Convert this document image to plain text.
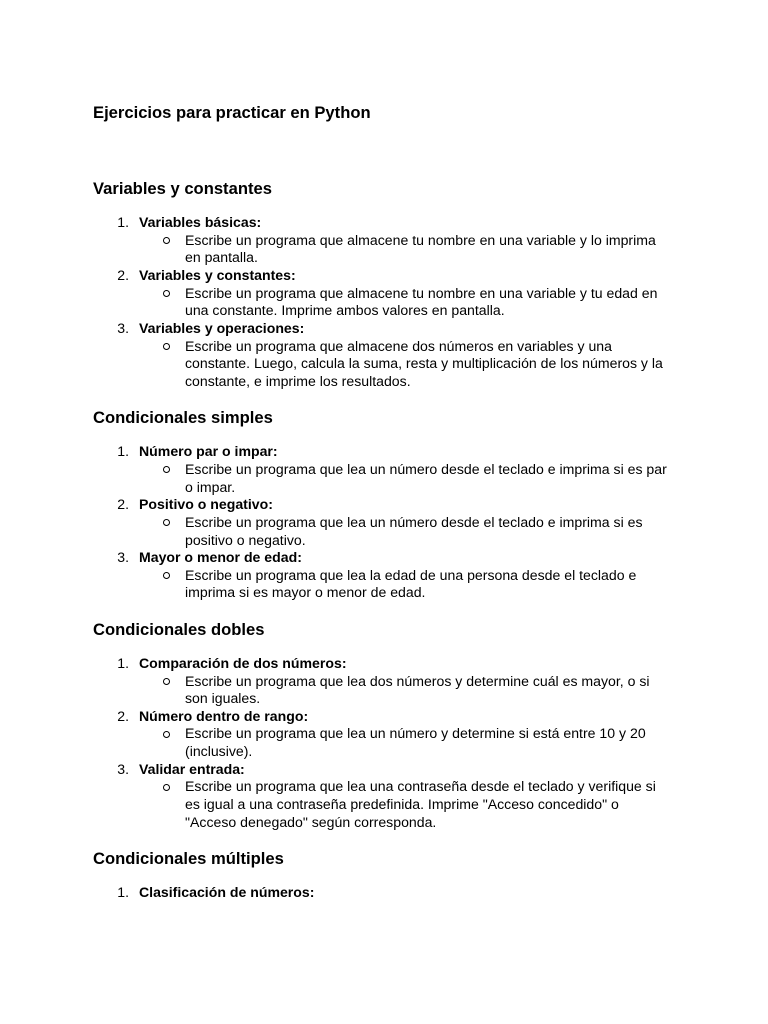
Ejercicios para practicar en Python
Variables y constantes
1. Variables básicas:
Escribe un programa que almacene tu nombre en una variable y lo imprima
en pantalla.
2. Variables y constantes:
Escribe un programa que almacene tu nombre en una variable y tu edad en
una constante. Imprime ambos valores en pantalla.
3. Variables y operaciones:
Escribe un programa que almacene dos números en variables y una
constante. Luego, calcula la suma, resta y multiplicación de los números y la
constante, e imprime los resultados.
Condicionales simples
1. Número par o impar:
Escribe un programa que lea un número desde el teclado e imprima si es par
o impar.
2. Positivo o negativo:
Escribe un programa que lea un número desde el teclado e imprima si es
positivo o negativo.
3. Mayor o menor de edad:
Escribe un programa que lea la edad de una persona desde el teclado e
imprima si es mayor o menor de edad.
Condicionales dobles
1. Comparación de dos números:
Escribe un programa que lea dos números y determine cuál es mayor, o si
son iguales.
2. Número dentro de rango:
Escribe un programa que lea un número y determine si está entre 10 y 20
(inclusive).
3. Validar entrada:
Escribe un programa que lea una contraseña desde el teclado y verifique si
es igual a una contraseña predefinida. Imprime "Acceso concedido" o
"Acceso denegado" según corresponda.
Condicionales múltiples
1. Clasificación de números:
